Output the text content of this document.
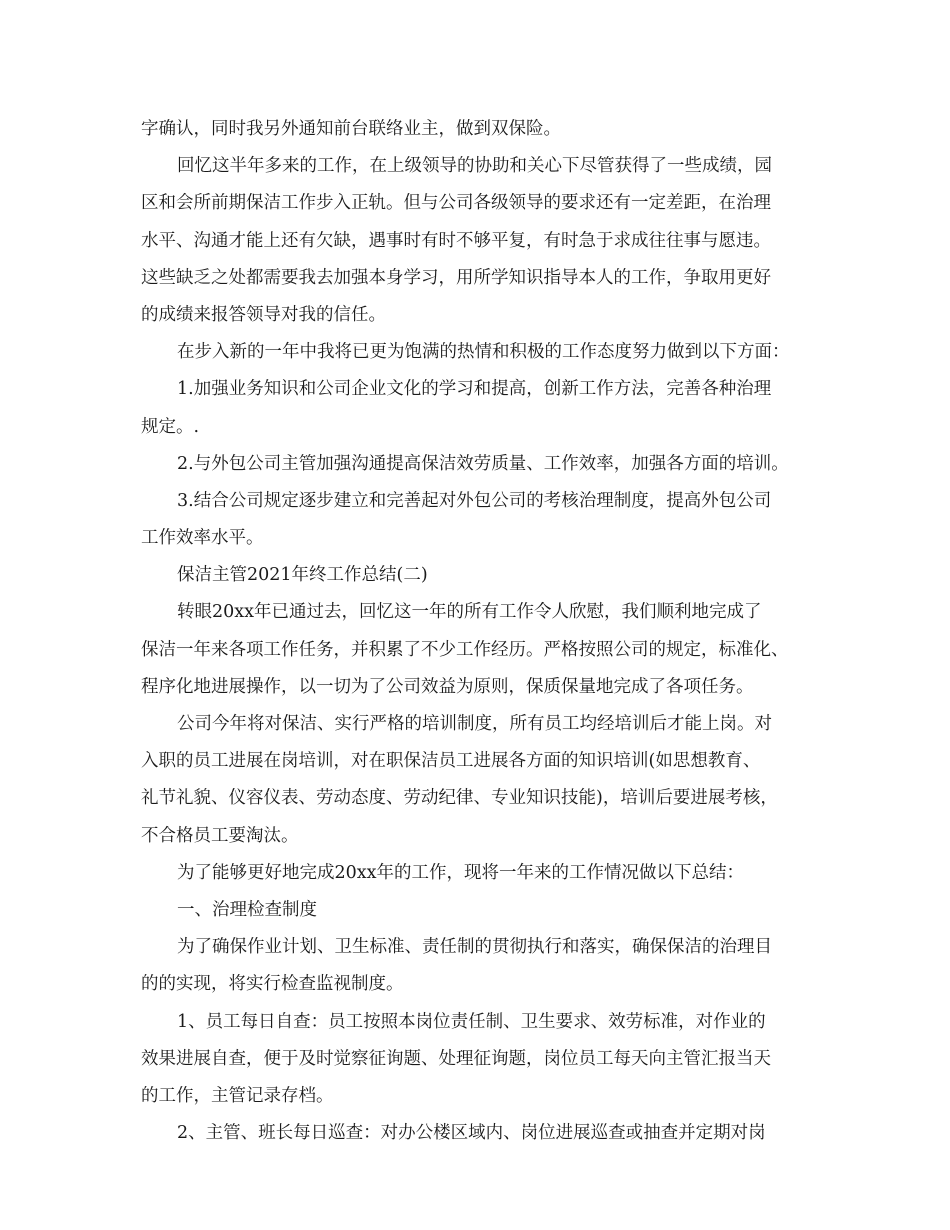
字确认，同时我另外通知前台联络业主，做到双保险。
回忆这半年多来的工作，在上级领导的协助和关心下尽管获得了一些成绩，园
区和会所前期保洁工作步入正轨。但与公司各级领导的要求还有一定差距，在治理
水平、沟通才能上还有欠缺，遇事时有时不够平复，有时急于求成往往事与愿违。
这些缺乏之处都需要我去加强本身学习，用所学知识指导本人的工作，争取用更好
的成绩来报答领导对我的信任。
在步入新的一年中我将已更为饱满的热情和积极的工作态度努力做到以下方面：
1.加强业务知识和公司企业文化的学习和提高，创新工作方法，完善各种治理
规定。.
2.与外包公司主管加强沟通提高保洁效劳质量、工作效率，加强各方面的培训。
3.结合公司规定逐步建立和完善起对外包公司的考核治理制度，提高外包公司
工作效率水平。
保洁主管2021年终工作总结(二)
转眼20xx年已通过去，回忆这一年的所有工作令人欣慰，我们顺利地完成了
保洁一年来各项工作任务，并积累了不少工作经历。严格按照公司的规定，标准化、
程序化地进展操作，以一切为了公司效益为原则，保质保量地完成了各项任务。
公司今年将对保洁、实行严格的培训制度，所有员工均经培训后才能上岗。对
入职的员工进展在岗培训，对在职保洁员工进展各方面的知识培训(如思想教育、
礼节礼貌、仪容仪表、劳动态度、劳动纪律、专业知识技能)，培训后要进展考核，
不合格员工要淘汰。
为了能够更好地完成20xx年的工作，现将一年来的工作情况做以下总结：
一、治理检查制度
为了确保作业计划、卫生标准、责任制的贯彻执行和落实，确保保洁的治理目
的的实现，将实行检查监视制度。
1、员工每日自查：员工按照本岗位责任制、卫生要求、效劳标准，对作业的
效果进展自查，便于及时觉察征询题、处理征询题，岗位员工每天向主管汇报当天
的工作，主管记录存档。
2、主管、班长每日巡查：对办公楼区域内、岗位进展巡查或抽查并定期对岗
